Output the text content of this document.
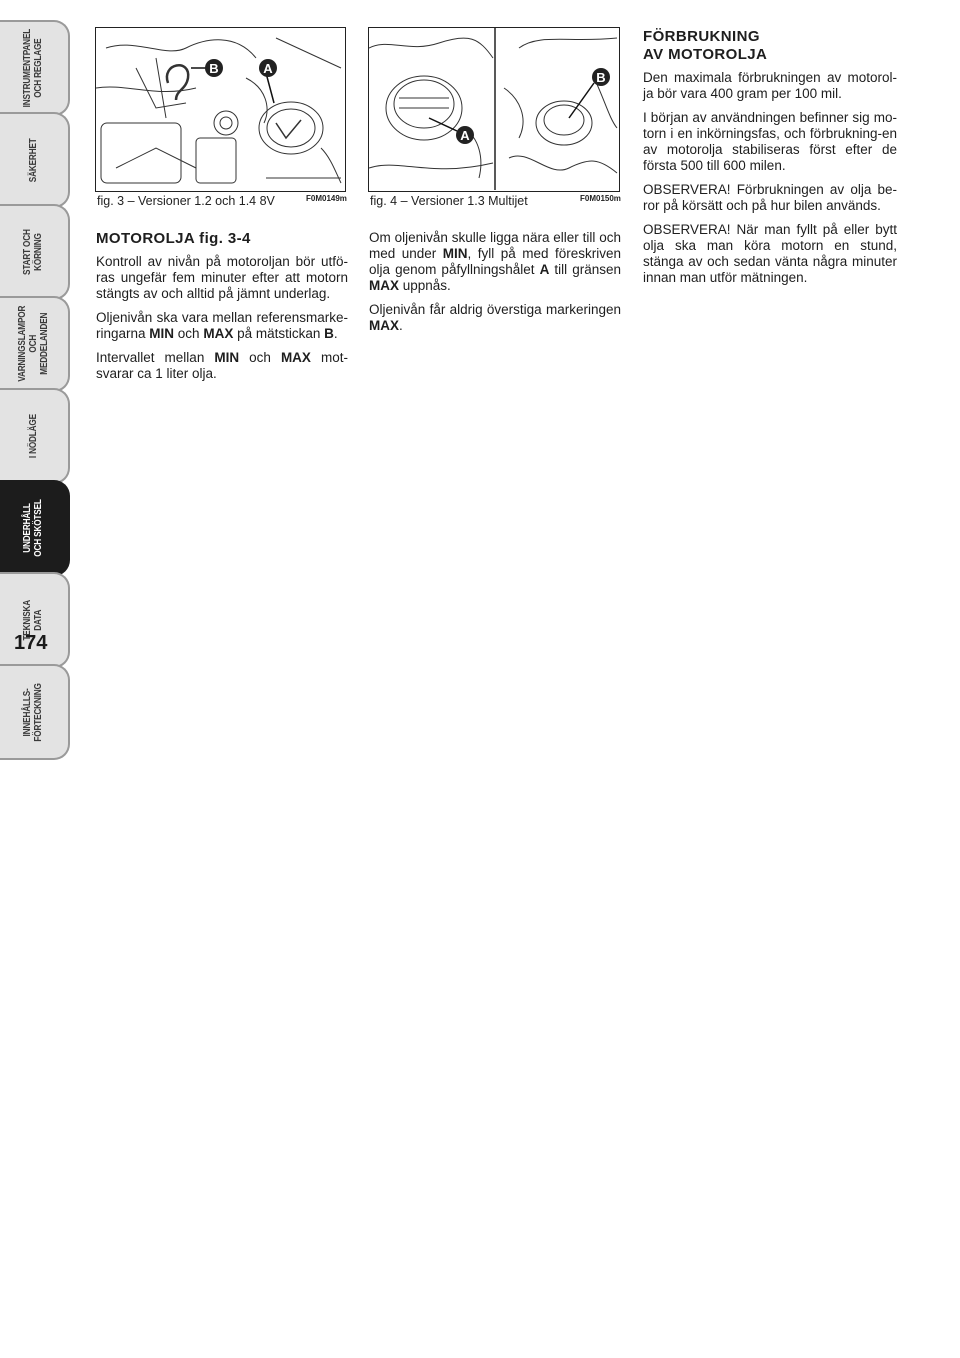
INSTRUMENTPANEL
OCH REGLAGE
SÄKERHET
START OCH
KÖRNING
VARNINGSLAMPOR
OCH MEDDELANDEN
I NÖDLÄGE
UNDERHÅLL
OCH SKÖTSEL
TEKNISKA
DATA
INNEHÅLLS-
FÖRTECKNING
174
B	A
fig. 3 – Versioner 1.2 och 1.4 8V	F0M0149m
A
B
fig. 4 – Versioner 1.3 Multijet	F0M0150m
MOTOROLJA fig. 3-4

Kontroll av nivån på motoroljan bör utfö-ras ungefär fem minuter efter att motorn stängts av och alltid på jämnt underlag.

Oljenivån ska vara mellan referensmarke-ringarna MIN och MAX på mätstickan B.

Intervallet mellan MIN och MAX mot-svarar ca 1 liter olja.

Om oljenivån skulle ligga nära eller till och med under MIN, fyll på med föreskriven olja genom påfyllningshålet A till gränsen MAX uppnås.

Oljenivån får aldrig överstiga markeringen MAX.

FÖRBRUKNING
AV MOTOROLJA

Den maximala förbrukningen av motorol-ja bör vara 400 gram per 100 mil.

I början av användningen befinner sig mo-torn i en inkörningsfas, och förbrukning-en av motorolja stabiliseras först efter de första 500 till 600 milen.

OBSERVERA! Förbrukningen av olja be-ror på körsätt och på hur bilen används.

OBSERVERA! När man fyllt på eller bytt olja ska man köra motorn en stund, stänga av och sedan vänta några minuter innan man utför mätningen.
